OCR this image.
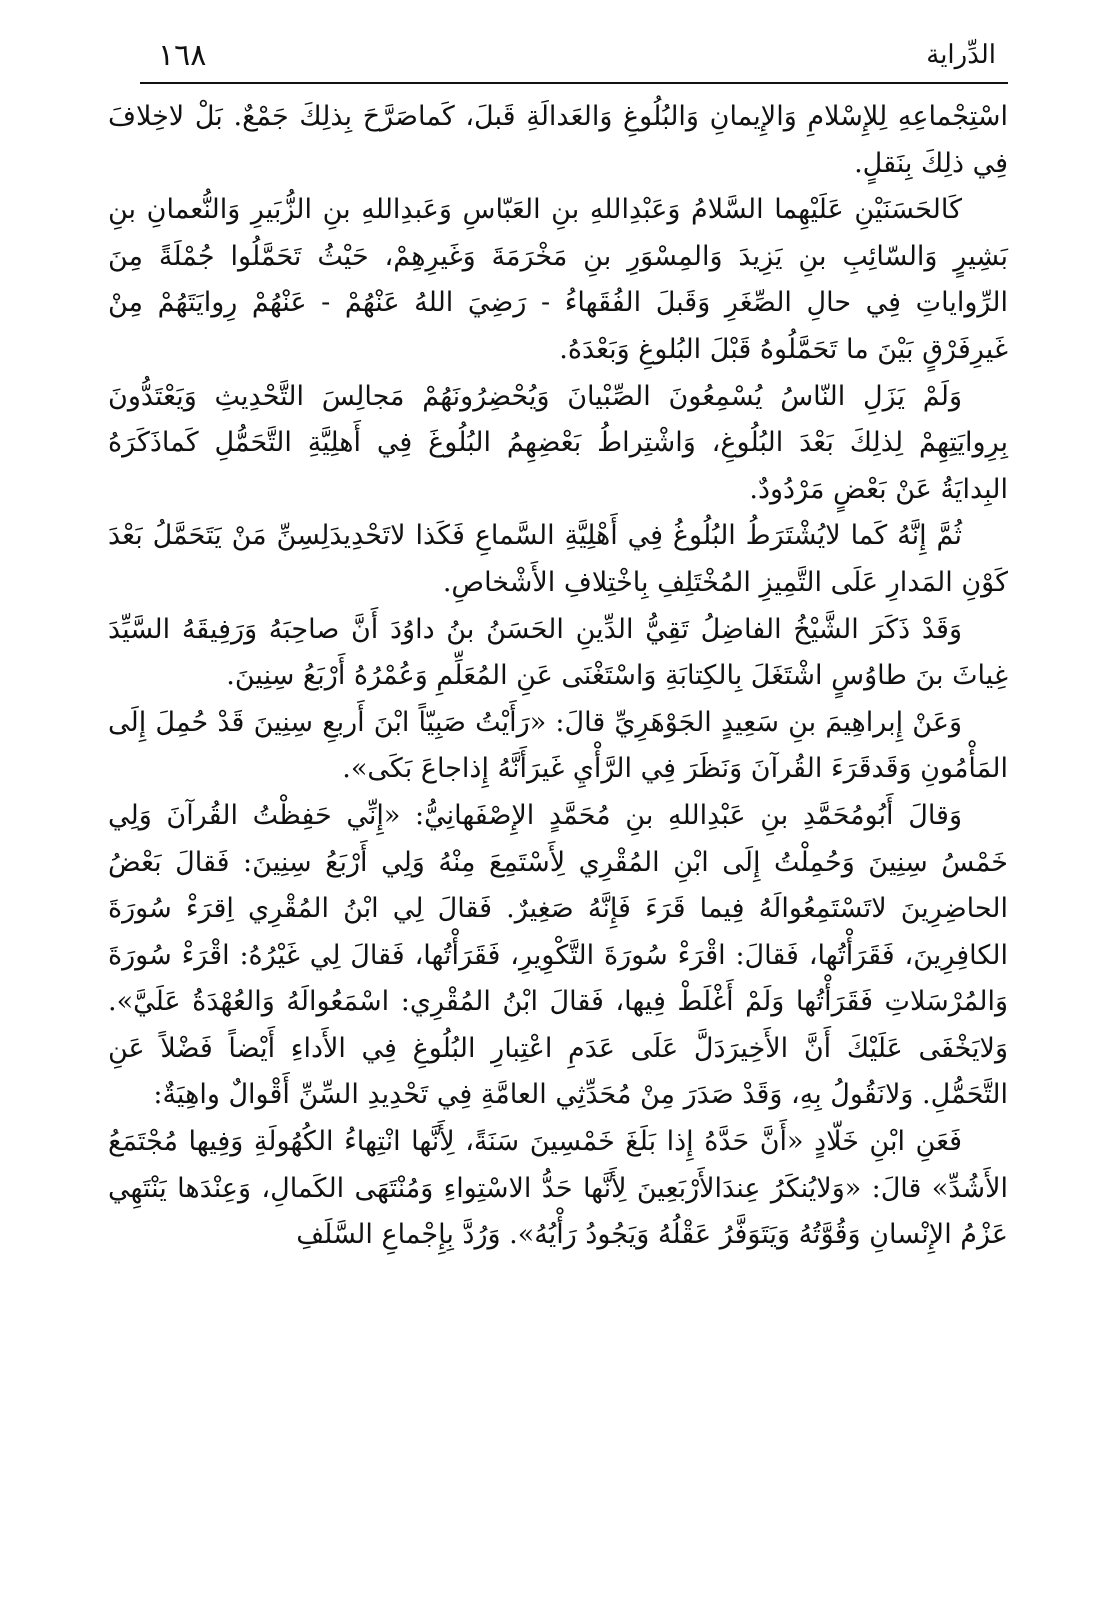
١٦٨	الدِّراية

اسْتِجْماعِهِ لِلإِسْلامِ وَالإِيمانِ وَالبُلُوغِ وَالعَدالَةِ قَبلَ، كَماصَرَّحَ بِذلِكَ جَمْعٌ. بَلْ لاخِلافَ فِي ذلِكَ بِنَقلٍ.

كَالحَسَنَيْنِ عَلَيْهِما السَّلامُ وَعَبْدِاللهِ بنِ العَبّاسِ وَعَبدِاللهِ بنِ الزُّبَيرِ وَالنُّعمانِ بنِ بَشِيرٍ وَالسّائِبِ بنِ يَزِيدَ وَالمِسْوَرِ بنِ مَخْرَمَةَ وَغَيرِهِمْ، حَيْثُ تَحَمَّلُوا جُمْلَةً مِنَ الرِّواياتِ فِي حالِ الصِّغَرِ وَقَبلَ الفُقَهاءُ - رَضِيَ اللهُ عَنْهُمْ - عَنْهُمْ رِوايَتَهُمْ مِنْ غَيرِفَرْقٍ بَيْنَ ما تَحَمَّلُوهُ قَبْلَ البُلوغِ وَبَعْدَهُ.

وَلَمْ يَزَلِ النّاسُ يُسْمِعُونَ الصِّبْيانَ وَيُحْضِرُونَهُمْ مَجالِسَ التَّحْدِيثِ وَيَعْتَدُّونَ بِرِوايَتِهِمْ لِذلِكَ بَعْدَ البُلُوغِ، وَاشْتِراطُ بَعْضِهِمُ البُلُوغَ فِي أَهلِيَّةِ التَّحَمُّلِ كَماذَكَرَهُ البِدايَةُ عَنْ بَعْضٍ مَرْدُودٌ.

ثُمَّ إِنَّهُ كَما لايُشْتَرَطُ البُلُوغُ فِي أَهْلِيَّةِ السَّماعِ فَكَذا لاتَحْدِيدَلِسِنِّ مَنْ يَتَحَمَّلُ بَعْدَ كَوْنِ المَدارِ عَلَى التَّمِيزِ المُخْتَلِفِ بِاخْتِلافِ الأَشْخاصِ.

وَقَدْ ذَكَرَ الشَّيْخُ الفاضِلُ تَقِيُّ الدِّينِ الحَسَنُ بنُ داوُدَ أَنَّ صاحِبَهُ وَرَفِيقَهُ السَّيِّدَ غِياثَ بنَ طاوُسٍ اشْتَغَلَ بِالكِتابَةِ وَاسْتَغْنَى عَنِ المُعَلِّمِ وَعُمْرُهُ أَرْبَعُ سِنِينَ.

وَعَنْ إِبراهِيمَ بنِ سَعِيدٍ الجَوْهَرِيِّ قالَ: «رَأَيْتُ صَبِيّاً ابْنَ أَربعِ سِنِينَ قَدْ حُمِلَ إِلَى المَأْمُونِ وَقَدقَرَءَ القُرآنَ وَنَظَرَ فِي الرَّأْيِ غَيرَأَنَّهُ إِذاجاعَ بَكَى».

وَقالَ أَبُومُحَمَّدِ بنِ عَبْدِاللهِ بنِ مُحَمَّدٍ الإِصْفَهانِيُّ: «إِنِّي حَفِظْتُ القُرآنَ وَلِي خَمْسُ سِنِينَ وَحُمِلْتُ إِلَى ابْنِ المُقْرِي لِأَسْتَمِعَ مِنْهُ وَلِي أَرْبَعُ سِنِينَ: فَقالَ بَعْضُ الحاضِرِينَ لاتَسْتَمِعُوالَهُ فِيما قَرَءَ فَإِنَّهُ صَغِيرٌ. فَقالَ لِي ابْنُ المُقْرِي اِقرَءْ سُورَةَ الكافِرِينَ، فَقَرَأْتُها، فَقالَ: اقْرَءْ سُورَةَ التَّكْوِيرِ، فَقَرَأْتُها، فَقالَ لِي غَيْرُهُ: اقْرَءْ سُورَةَ وَالمُرْسَلاتِ فَقَرَأْتُها وَلَمْ أَغْلَطْ فِيها، فَقالَ ابْنُ المُقْرِي: اسْمَعُوالَهُ وَالعُهْدَةُ عَلَيَّ». وَلايَخْفَى عَلَيْكَ أَنَّ الأَخِيرَدَلَّ عَلَى عَدَمِ اعْتِبارِ البُلُوغِ فِي الأَداءِ أَيْضاً فَضْلاً عَنِ التَّحَمُّلِ. وَلانَقُولُ بِهِ، وَقَدْ صَدَرَ مِنْ مُحَدِّثِي العامَّةِ فِي تَحْدِيدِ السِّنِّ أَقْوالٌ واهِيَةٌ:

فَعَنِ ابْنِ خَلّادٍ «أَنَّ حَدَّهُ إِذا بَلَغَ خَمْسِينَ سَنَةً، لِأَنَّها انْتِهاءُ الكُهُولَةِ وَفِيها مُجْتَمَعُ الأَشُدِّ» قالَ: «وَلايُنكَرُ عِندَالأَرْبَعِينَ لِأَنَّها حَدُّ الاسْتِواءِ وَمُنْتَهَى الكَمالِ، وَعِنْدَها يَنْتَهِي عَزْمُ الإِنْسانِ وَقُوَّتُهُ وَيَتَوَفَّرُ عَقْلُهُ وَيَجُودُ رَأْيُهُ». وَرُدَّ بِإِجْماعِ السَّلَفِ
